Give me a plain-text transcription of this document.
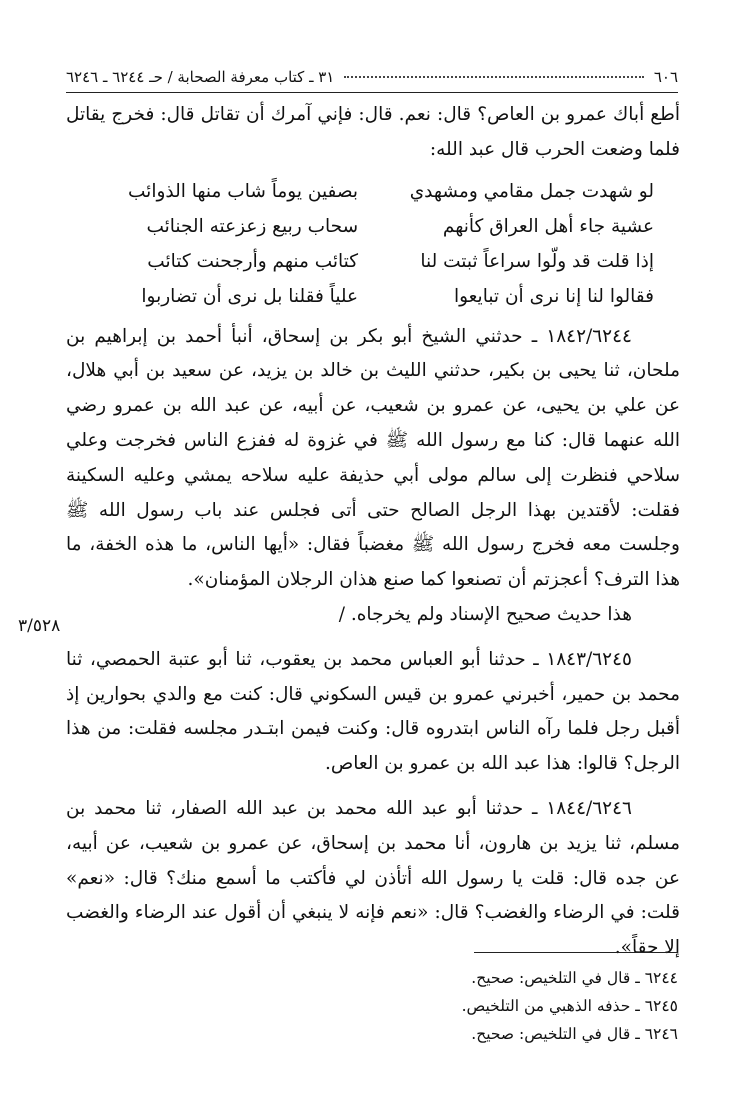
٦٠٦
٣١ ـ كتاب معرفة الصحابة / حـ ٦٢٤٤ ـ ٦٢٤٦

أطع أباك عمرو بن العاص؟ قال: نعم. قال: فإني آمرك أن تقاتل قال: فخرج يقاتل فلما وضعت الحرب قال عبد الله:

لو شهدت جمل مقامي ومشهدي
بصفين يوماً شاب منها الذوائب
عشية جاء أهل العراق كأنهم
سحاب ربيع زعزعته الجنائب
إذا قلت قد ولّوا سراعاً ثبتت لنا
كتائب منهم وأرجحنت كتائب
فقالوا لنا إنا نرى أن تبايعوا
علياً فقلنا بل نرى أن تضاربوا

١٨٤٢/٦٢٤٤ ـ حدثني الشيخ أبو بكر بن إسحاق، أنبأ أحمد بن إبراهيم بن ملحان، ثنا يحيى بن بكير، حدثني الليث بن خالد بن يزيد، عن سعيد بن أبي هلال، عن علي بن يحيى، عن عمرو بن شعيب، عن أبيه، عن عبد الله بن عمرو رضي الله عنهما قال: كنا مع رسول الله ﷺ في غزوة له ففزع الناس فخرجت وعلي سلاحي فنظرت إلى سالم مولى أبي حذيفة عليه سلاحه يمشي وعليه السكينة فقلت: لأقتدين بهذا الرجل الصالح حتى أتى فجلس عند باب رسول الله ﷺ وجلست معه فخرج رسول الله ﷺ مغضباً فقال: «أيها الناس، ما هذه الخفة، ما هذا الترف؟ أعجزتم أن تصنعوا كما صنع هذان الرجلان المؤمنان».

هذا حديث صحيح الإسناد ولم يخرجاه. /

١٨٤٣/٦٢٤٥ ـ حدثنا أبو العباس محمد بن يعقوب، ثنا أبو عتبة الحمصي، ثنا محمد بن حمير، أخبرني عمرو بن قيس السكوني قال: كنت مع والدي بحوارين إذ أقبل رجل فلما رآه الناس ابتدروه قال: وكنت فيمن ابتـدر مجلسه فقلت: من هذا الرجل؟ قالوا: هذا عبد الله بن عمرو بن العاص.

١٨٤٤/٦٢٤٦ ـ حدثنا أبو عبد الله محمد بن عبد الله الصفار، ثنا محمد بن مسلم، ثنا يزيد بن هارون، أنا محمد بن إسحاق، عن عمرو بن شعيب، عن أبيه، عن جده قال: قلت يا رسول الله أتأذن لي فأكتب ما أسمع منك؟ قال: «نعم» قلت: في الرضاء والغضب؟ قال: «نعم فإنه لا ينبغي أن أقول عند الرضاء والغضب إلا حقاً».

٣/٥٢٨

٦٢٤٤ ـ قال في التلخيص: صحيح.

٦٢٤٥ ـ حذفه الذهبي من التلخيص.

٦٢٤٦ ـ قال في التلخيص: صحيح.
